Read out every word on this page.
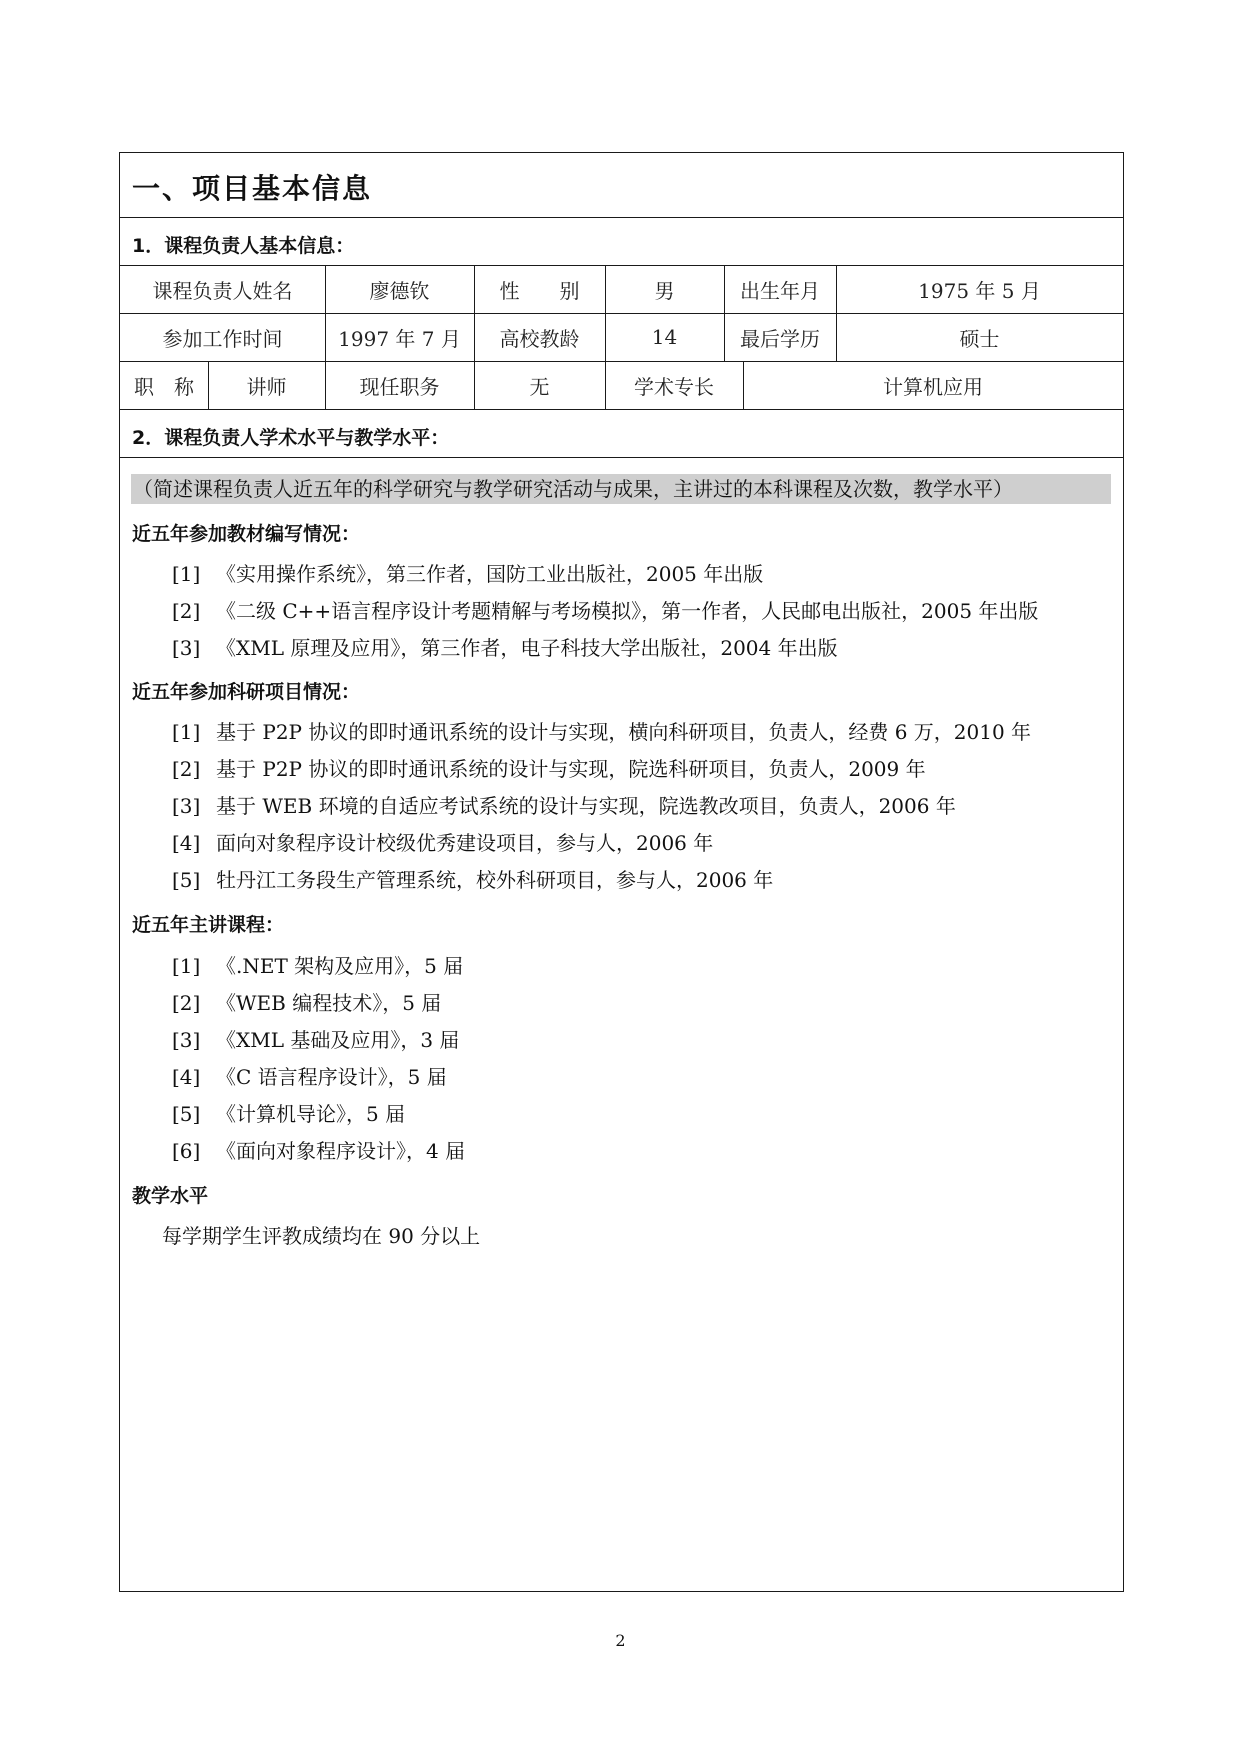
一、项目基本信息
1．课程负责人基本信息：
课程负责人姓名	廖德钦	性　　别	男	出生年月	1975 年 5 月
参加工作时间	1997 年 7 月	高校教龄	14	最后学历	硕士
职　称	讲师	现任职务	无	学术专长	计算机应用
2．课程负责人学术水平与教学水平：
（简述课程负责人近五年的科学研究与教学研究活动与成果，主讲过的本科课程及次数，教学水平）
近五年参加教材编写情况：
[1] 《实用操作系统》，第三作者，国防工业出版社，2005 年出版
[2] 《二级 C++语言程序设计考题精解与考场模拟》，第一作者，人民邮电出版社，2005 年出版
[3] 《XML 原理及应用》，第三作者，电子科技大学出版社，2004 年出版
近五年参加科研项目情况：
[1] 基于 P2P 协议的即时通讯系统的设计与实现，横向科研项目，负责人，经费 6 万，2010 年
[2] 基于 P2P 协议的即时通讯系统的设计与实现，院选科研项目，负责人，2009 年
[3] 基于 WEB 环境的自适应考试系统的设计与实现，院选教改项目，负责人，2006 年
[4] 面向对象程序设计校级优秀建设项目，参与人，2006 年
[5] 牡丹江工务段生产管理系统，校外科研项目，参与人，2006 年
近五年主讲课程：
[1] 《.NET 架构及应用》，5 届
[2] 《WEB 编程技术》，5 届
[3] 《XML 基础及应用》，3 届
[4] 《C 语言程序设计》，5 届
[5] 《计算机导论》，5 届
[6] 《面向对象程序设计》，4 届
教学水平
每学期学生评教成绩均在 90 分以上
2
